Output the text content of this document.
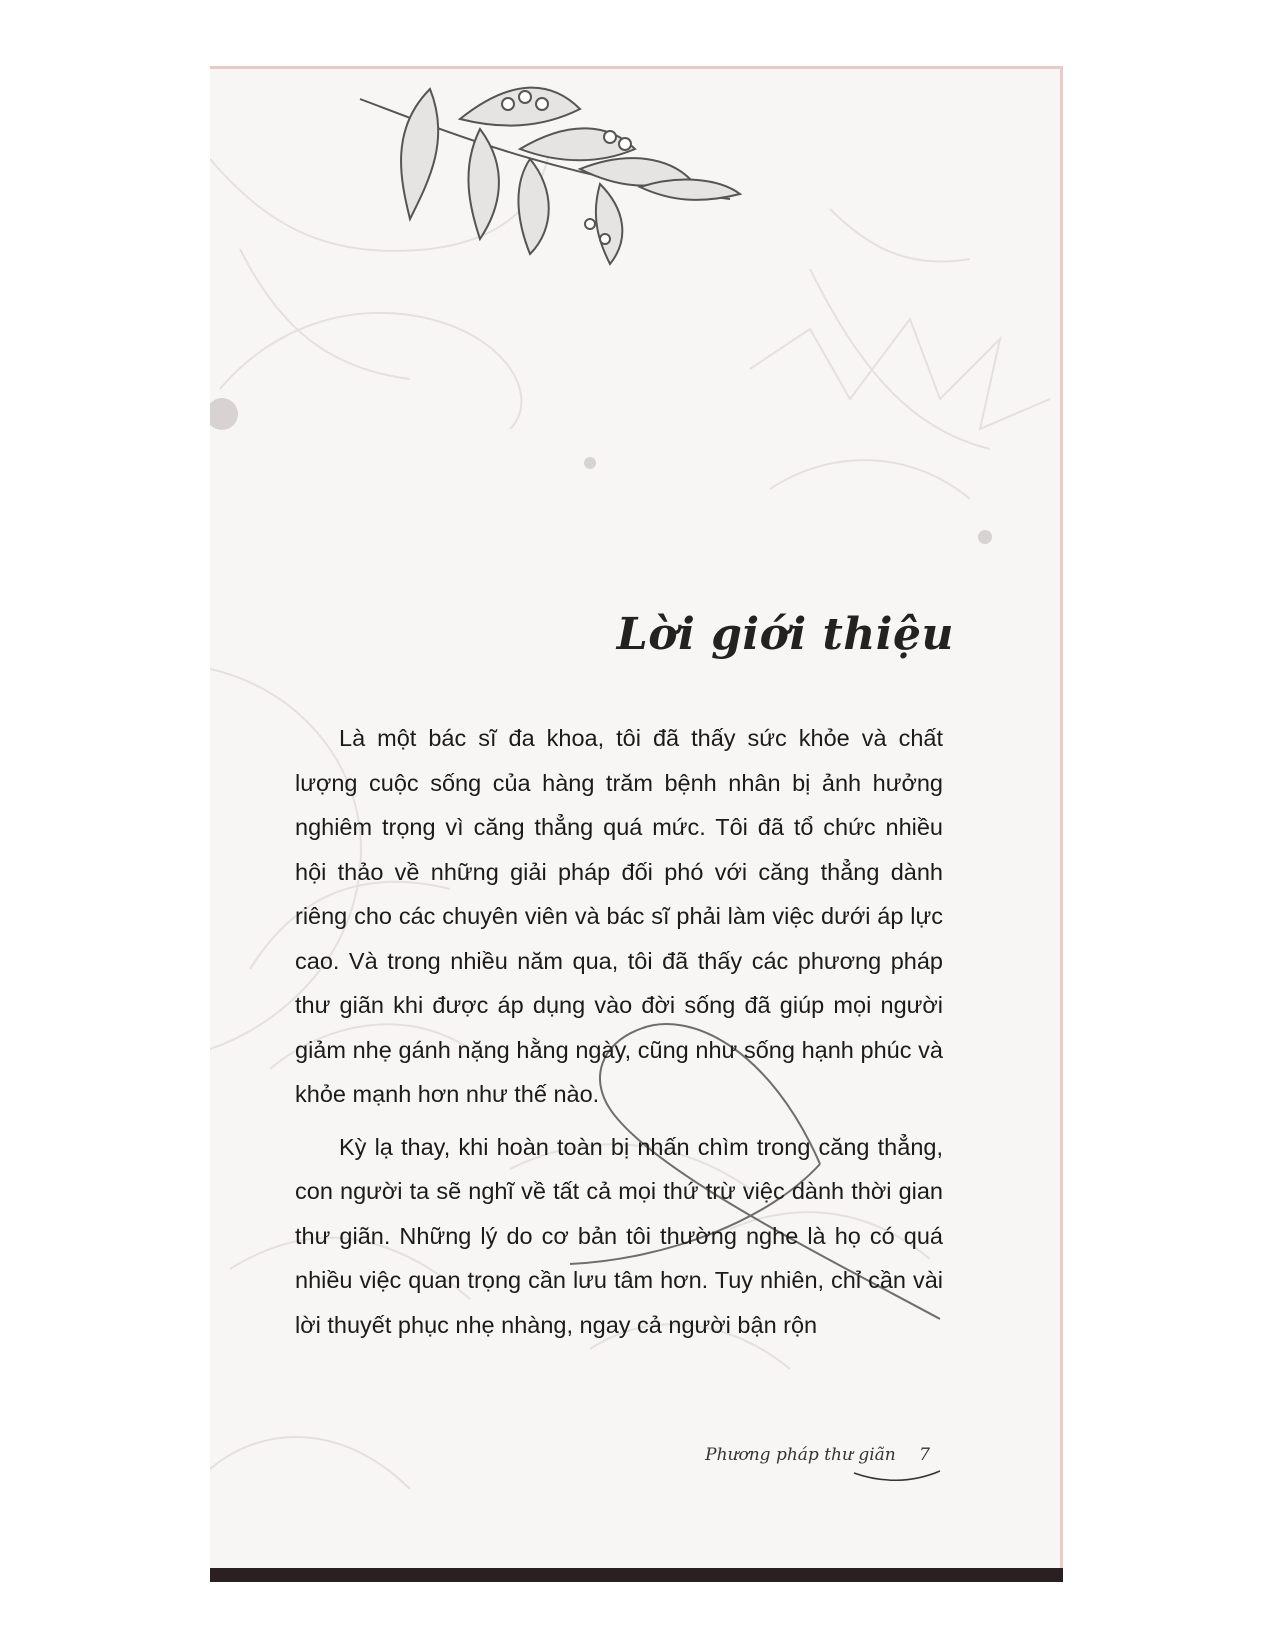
Lời giới thiệu

Là một bác sĩ đa khoa, tôi đã thấy sức khỏe và chất lượng cuộc sống của hàng trăm bệnh nhân bị ảnh hưởng nghiêm trọng vì căng thẳng quá mức. Tôi đã tổ chức nhiều hội thảo về những giải pháp đối phó với căng thẳng dành riêng cho các chuyên viên và bác sĩ phải làm việc dưới áp lực cao. Và trong nhiều năm qua, tôi đã thấy các phương pháp thư giãn khi được áp dụng vào đời sống đã giúp mọi người giảm nhẹ gánh nặng hằng ngày, cũng như sống hạnh phúc và khỏe mạnh hơn như thế nào.

Kỳ lạ thay, khi hoàn toàn bị nhấn chìm trong căng thẳng, con người ta sẽ nghĩ về tất cả mọi thứ trừ việc dành thời gian thư giãn. Những lý do cơ bản tôi thường nghe là họ có quá nhiều việc quan trọng cần lưu tâm hơn. Tuy nhiên, chỉ cần vài lời thuyết phục nhẹ nhàng, ngay cả người bận rộn

Phương pháp thư giãn 7
